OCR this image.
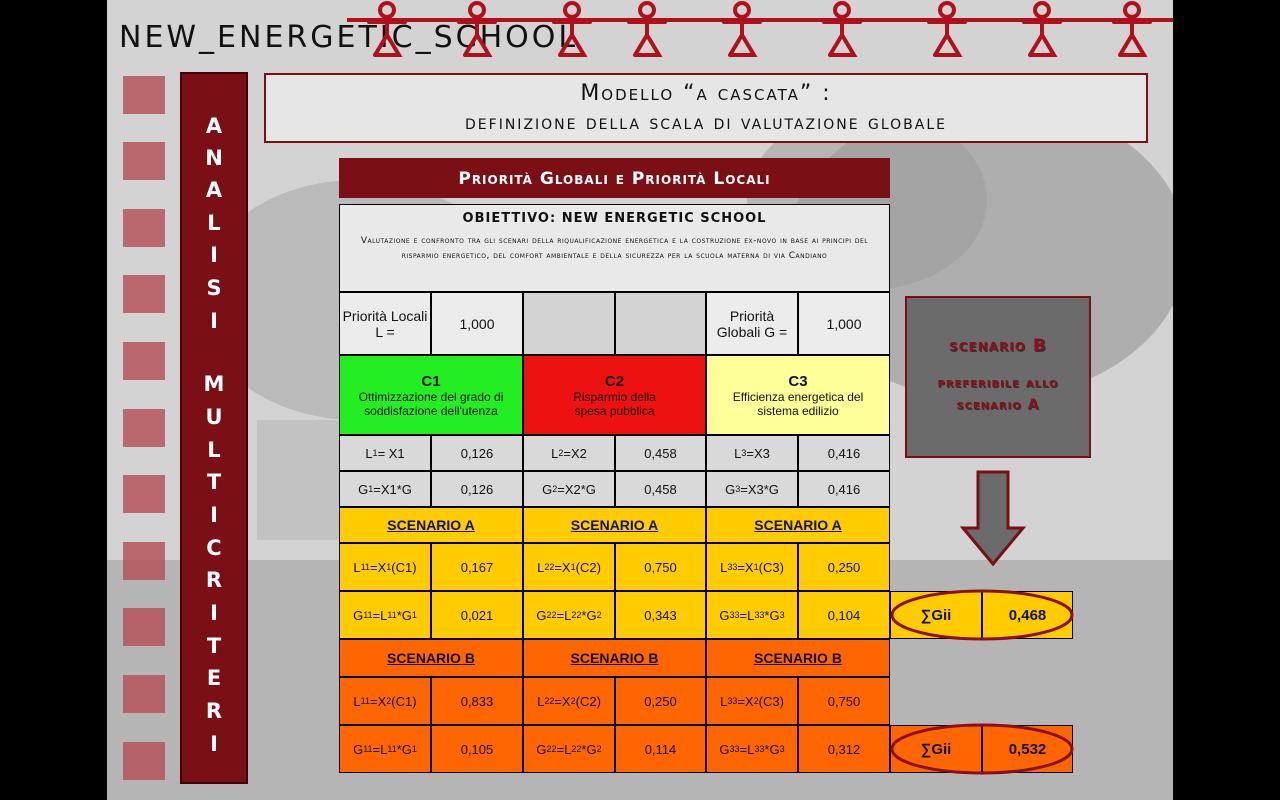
NEW_ENERGETIC_SCHOOL
A
N
A
L
I
S
I
M
U
L
T
I
C
R
I
T
E
R
I
Modello “a cascata” :
definizione della scala di valutazione globale
Priorità Globali e Priorità Locali
OBIETTIVO: NEW ENERGETIC SCHOOL
Valutazione e confronto tra gli scenari della riqualificazione energetica e la costruzione ex-novo in base ai principi del risparmio energetico, del comfort ambientale e della sicurezza per la scuola materna di via Candiano
Priorità Locali L =	1,000	Priorità Globali G =	1,000
C1
Ottimizzazione del grado di soddisfazione dell'utenza
C2
Risparmio della spesa pubblica
C3
Efficienza energetica del sistema edilizio
L 1 = X1	0,126	L 2 =X2	0,458	L 3 =X3	0,416
G 1 =X1*G	0,126	G 2 =X2*G	0,458	G 3 =X3*G	0,416
SCENARIO A	SCENARIO A	SCENARIO A
L 11 =X 1 (C1)	0,167	L 22 =X 1 (C2)	0,750	L 33 =X 1 (C3)	0,250
G 11 =L 11 *G 1	0,021	G 22 =L 22 *G 2	0,343	G 33 =L 33 *G 3	0,104	∑Gii	0,468
SCENARIO B	SCENARIO B	SCENARIO B
L 11 =X 2 (C1)	0,833	L 22 =X 2 (C2)	0,250	L 33 =X 2 (C3)	0,750
G 11 =L 11 *G 1	0,105	G 22 =L 22 *G 2	0,114	G 33 =L 33 *G 3	0,312	∑Gii	0,532
scenario B
preferibile allo scenario A
